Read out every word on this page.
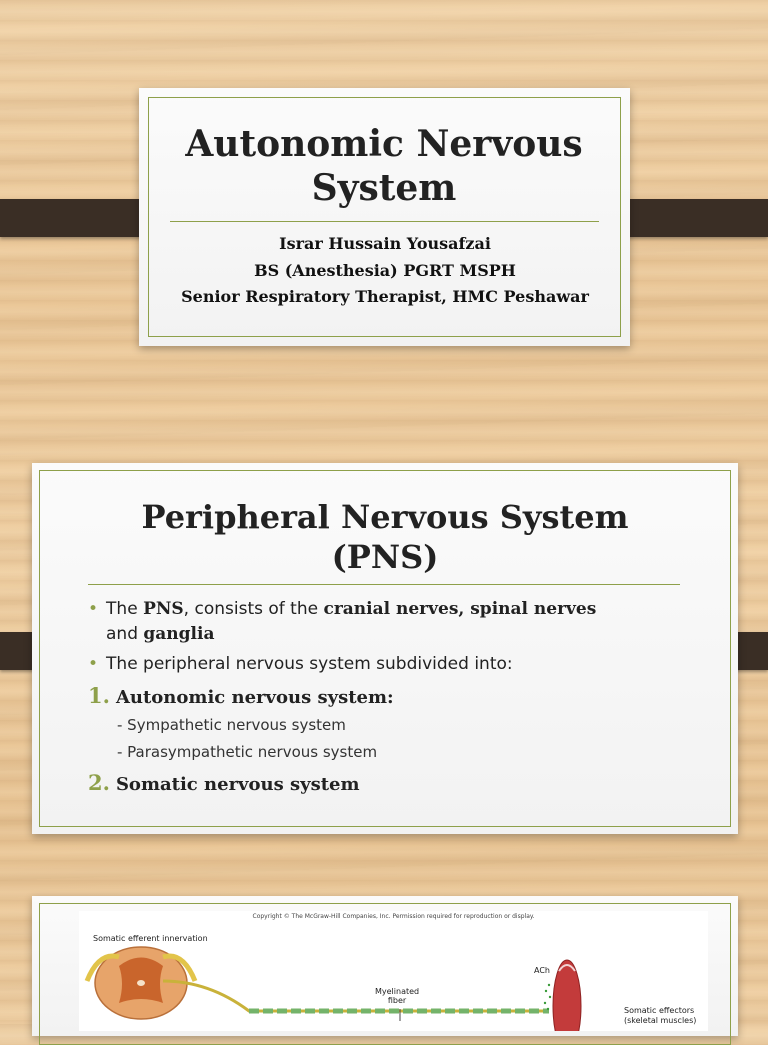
Autonomic Nervous
System
Israr Hussain Yousafzai
BS (Anesthesia) PGRT MSPH
Senior Respiratory Therapist, HMC Peshawar
Peripheral Nervous System
(PNS)
• The PNS, consists of the cranial nerves, spinal nerves
and ganglia
• The peripheral nervous system subdivided into:
1. Autonomic nervous system:
- Sympathetic nervous system
- Parasympathetic nervous system
2. Somatic nervous system
Copyright © The McGraw-Hill Companies, Inc. Permission required for reproduction or display.
Somatic efferent innervation
ACh
Myelinated
fiber
Somatic effectors
(skeletal muscles)
